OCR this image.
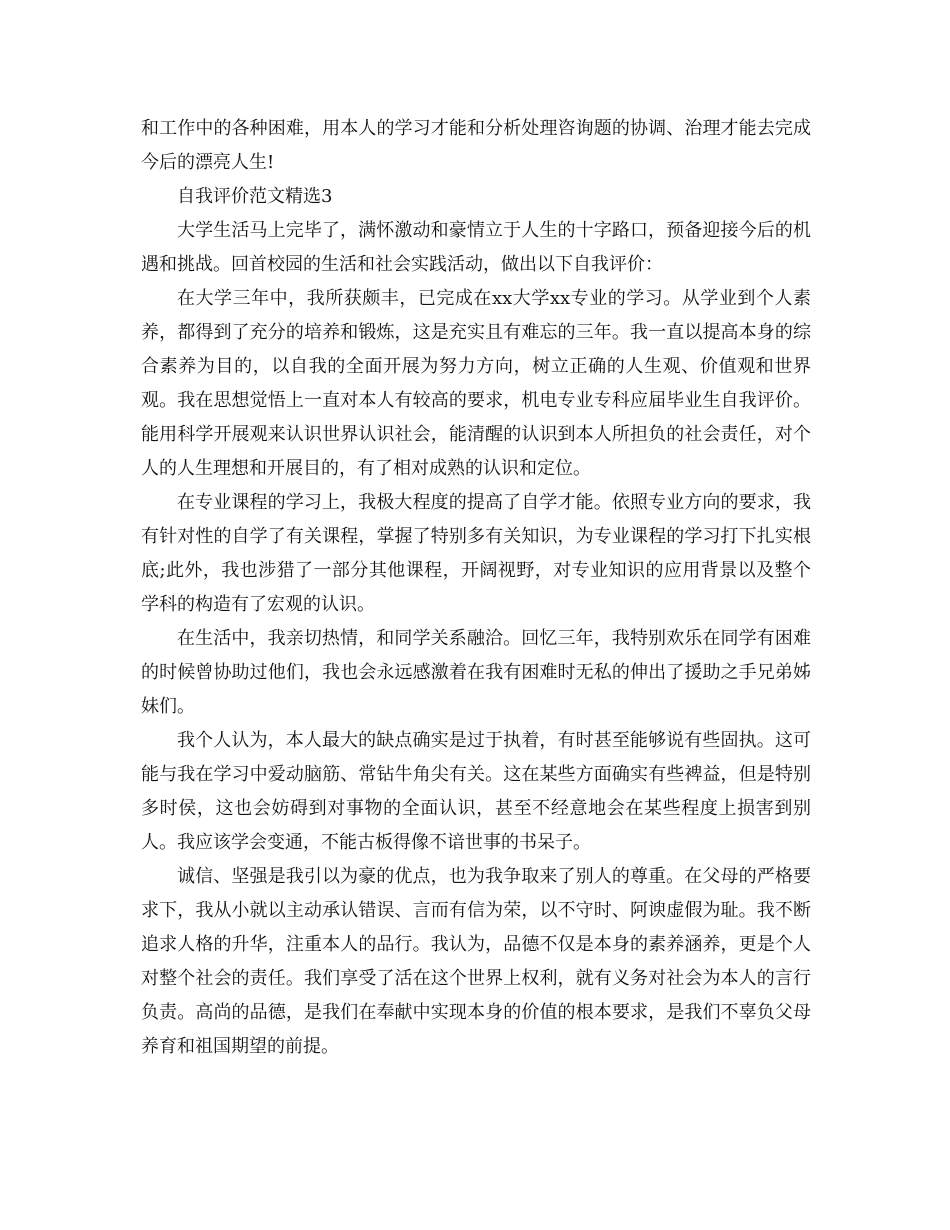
和工作中的各种困难，用本人的学习才能和分析处理咨询题的协调、治理才能去完成今后的漂亮人生!

自我评价范文精选3

大学生活马上完毕了，满怀激动和豪情立于人生的十字路口，预备迎接今后的机遇和挑战。回首校园的生活和社会实践活动，做出以下自我评价：

在大学三年中，我所获颇丰，已完成在xx大学xx专业的学习。从学业到个人素养，都得到了充分的培养和锻炼，这是充实且有难忘的三年。我一直以提高本身的综合素养为目的，以自我的全面开展为努力方向，树立正确的人生观、价值观和世界观。我在思想觉悟上一直对本人有较高的要求，机电专业专科应届毕业生自我评价。能用科学开展观来认识世界认识社会，能清醒的认识到本人所担负的社会责任，对个人的人生理想和开展目的，有了相对成熟的认识和定位。

在专业课程的学习上，我极大程度的提高了自学才能。依照专业方向的要求，我有针对性的自学了有关课程，掌握了特别多有关知识，为专业课程的学习打下扎实根底;此外，我也涉猎了一部分其他课程，开阔视野，对专业知识的应用背景以及整个学科的构造有了宏观的认识。

在生活中，我亲切热情，和同学关系融洽。回忆三年，我特别欢乐在同学有困难的时候曾协助过他们，我也会永远感激着在我有困难时无私的伸出了援助之手兄弟姊妹们。

我个人认为，本人最大的缺点确实是过于执着，有时甚至能够说有些固执。这可能与我在学习中爱动脑筋、常钻牛角尖有关。这在某些方面确实有些裨益，但是特别多时侯，这也会妨碍到对事物的全面认识，甚至不经意地会在某些程度上损害到别人。我应该学会变通，不能古板得像不谙世事的书呆子。

诚信、坚强是我引以为豪的优点，也为我争取来了别人的尊重。在父母的严格要求下，我从小就以主动承认错误、言而有信为荣，以不守时、阿谀虚假为耻。我不断追求人格的升华，注重本人的品行。我认为，品德不仅是本身的素养涵养，更是个人对整个社会的责任。我们享受了活在这个世界上权利，就有义务对社会为本人的言行负责。高尚的品德，是我们在奉献中实现本身的价值的根本要求，是我们不辜负父母养育和祖国期望的前提。
